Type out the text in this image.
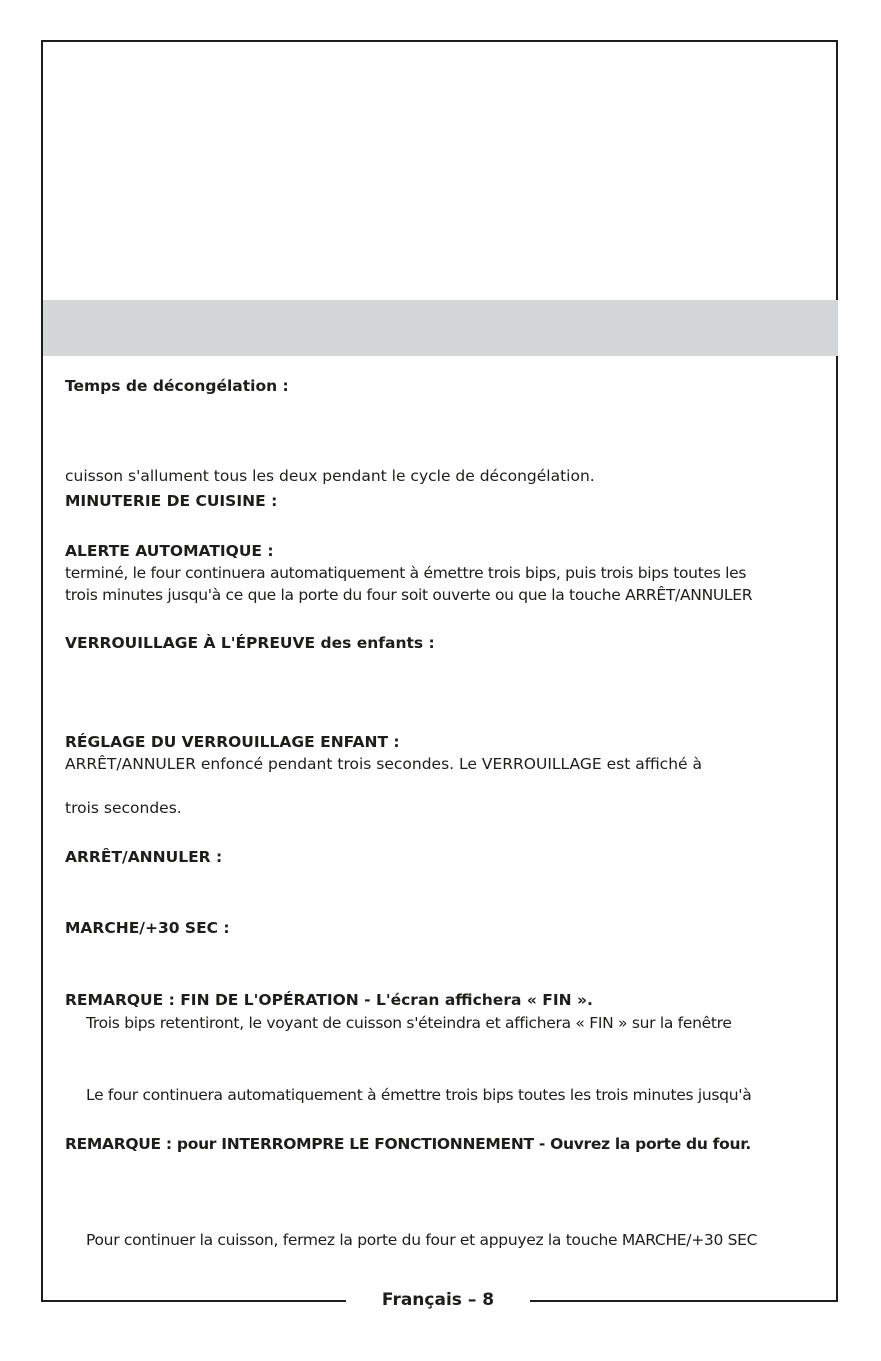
Temps de décongélation :
cuisson s'allument tous les deux pendant le cycle de décongélation.
MINUTERIE DE CUISINE :
ALERTE AUTOMATIQUE :
terminé, le four continuera automatiquement à émettre trois bips, puis trois bips toutes les
trois minutes jusqu'à ce que la porte du four soit ouverte ou que la touche ARRÊT/ANNULER
VERROUILLAGE À L'ÉPREUVE des enfants :
RÉGLAGE DU VERROUILLAGE ENFANT :
ARRÊT/ANNULER enfoncé pendant trois secondes. Le VERROUILLAGE est affiché à
trois secondes.
ARRÊT/ANNULER :
MARCHE/+30 SEC :
REMARQUE : FIN DE L'OPÉRATION - L'écran affichera « FIN ».
Trois bips retentiront, le voyant de cuisson s'éteindra et affichera « FIN » sur la fenêtre
Le four continuera automatiquement à émettre trois bips toutes les trois minutes jusqu'à
REMARQUE : pour INTERROMPRE LE FONCTIONNEMENT - Ouvrez la porte du four.
Pour continuer la cuisson, fermez la porte du four et appuyez la touche MARCHE/+30 SEC
Français – 8
